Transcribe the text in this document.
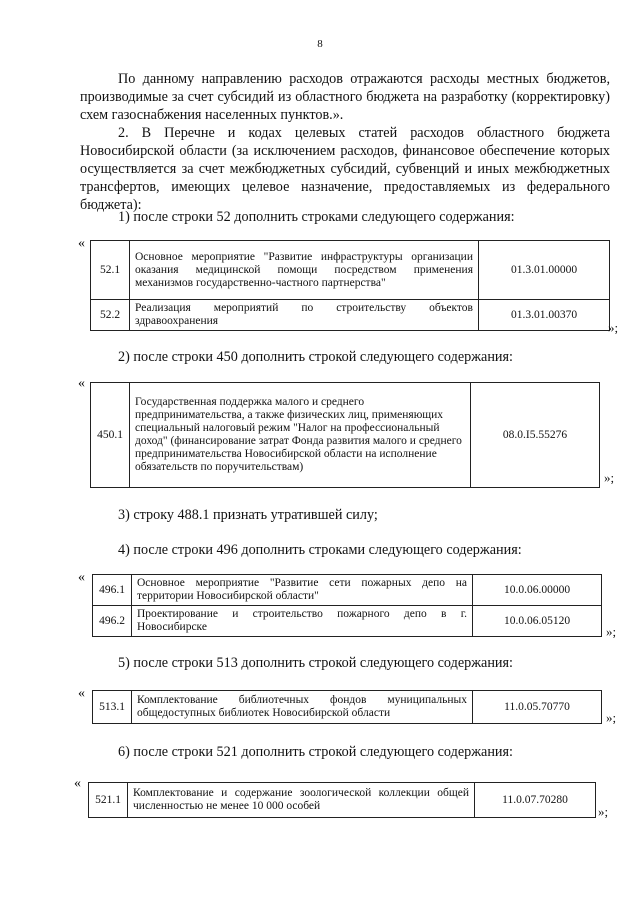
8

По данному направлению расходов отражаются расходы местных бюджетов, производимые за счет субсидий из областного бюджета на разработку (корректировку) схем газоснабжения населенных пунктов.».

2. В Перечне и кодах целевых статей расходов областного бюджета Новосибирской области (за исключением расходов, финансовое обеспечение которых осуществляется за счет межбюджетных субсидий, субвенций и иных межбюджетных трансфертов, имеющих целевое назначение, предоставляемых из федерального бюджета):

1) после строки 52 дополнить строками следующего содержания:

«
52.1	Основное мероприятие "Развитие инфраструктуры организации оказания медицинской помощи посредством применения механизмов государственно-частного партнерства"	01.3.01.00000
52.2	Реализация мероприятий по строительству объектов здравоохранения	01.3.01.00370
»;

2) после строки 450 дополнить строкой следующего содержания:

«
450.1	Государственная поддержка малого и среднего предпринимательства, а также физических лиц, применяющих специальный налоговый режим "Налог на профессиональный доход" (финансирование затрат Фонда развития малого и среднего предпринимательства Новосибирской области на исполнение обязательств по поручительствам)	08.0.I5.55276
»;

3) строку 488.1 признать утратившей силу;

4) после строки 496 дополнить строками следующего содержания:

«
496.1	Основное мероприятие "Развитие сети пожарных депо на территории Новосибирской области"	10.0.06.00000
496.2	Проектирование и строительство пожарного депо в г. Новосибирске	10.0.06.05120
»;

5) после строки 513 дополнить строкой следующего содержания:

«
513.1	Комплектование библиотечных фондов муниципальных общедоступных библиотек Новосибирской области	11.0.05.70770
»;

6) после строки 521 дополнить строкой следующего содержания:

«
521.1	Комплектование и содержание зоологической коллекции общей численностью не менее 10 000 особей	11.0.07.70280
»;
